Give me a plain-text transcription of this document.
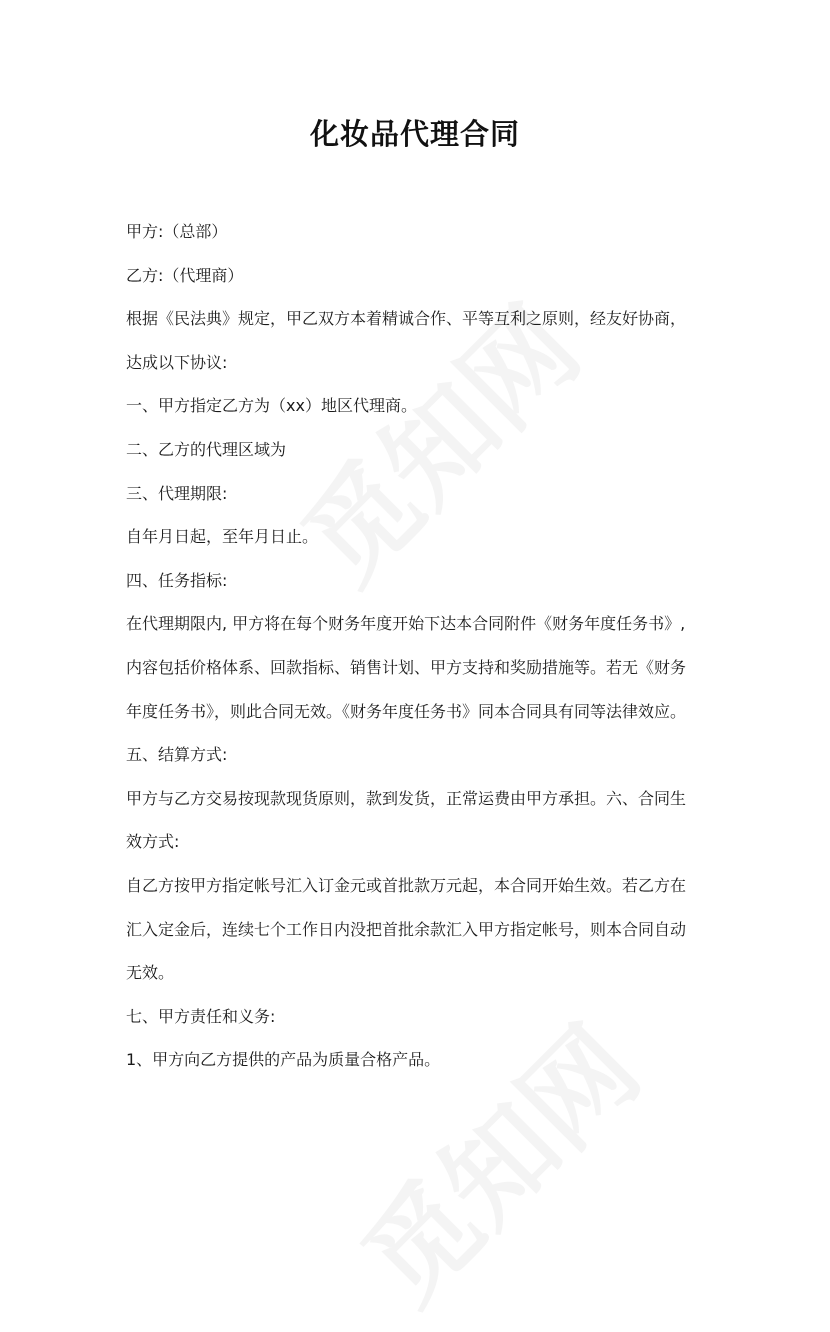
化妆品代理合同
甲方:（总部）
乙方:（代理商）
根据《民法典》规定，甲乙双方本着精诚合作、平等互利之原则，经友好协商，
达成以下协议:
一、甲方指定乙方为（xx）地区代理商。
二、乙方的代理区域为
三、代理期限:
自年月日起，至年月日止。
四、任务指标:
在代理期限内, 甲方将在每个财务年度开始下达本合同附件《财务年度任务书》,
内容包括价格体系、回款指标、销售计划、甲方支持和奖励措施等。若无《财务
年度任务书》，则此合同无效。《财务年度任务书》同本合同具有同等法律效应。
五、结算方式:
甲方与乙方交易按现款现货原则，款到发货，正常运费由甲方承担。六、合同生
效方式:
自乙方按甲方指定帐号汇入订金元或首批款万元起，本合同开始生效。若乙方在
汇入定金后，连续七个工作日内没把首批余款汇入甲方指定帐号，则本合同自动
无效。
七、甲方责任和义务:
1、甲方向乙方提供的产品为质量合格产品。
